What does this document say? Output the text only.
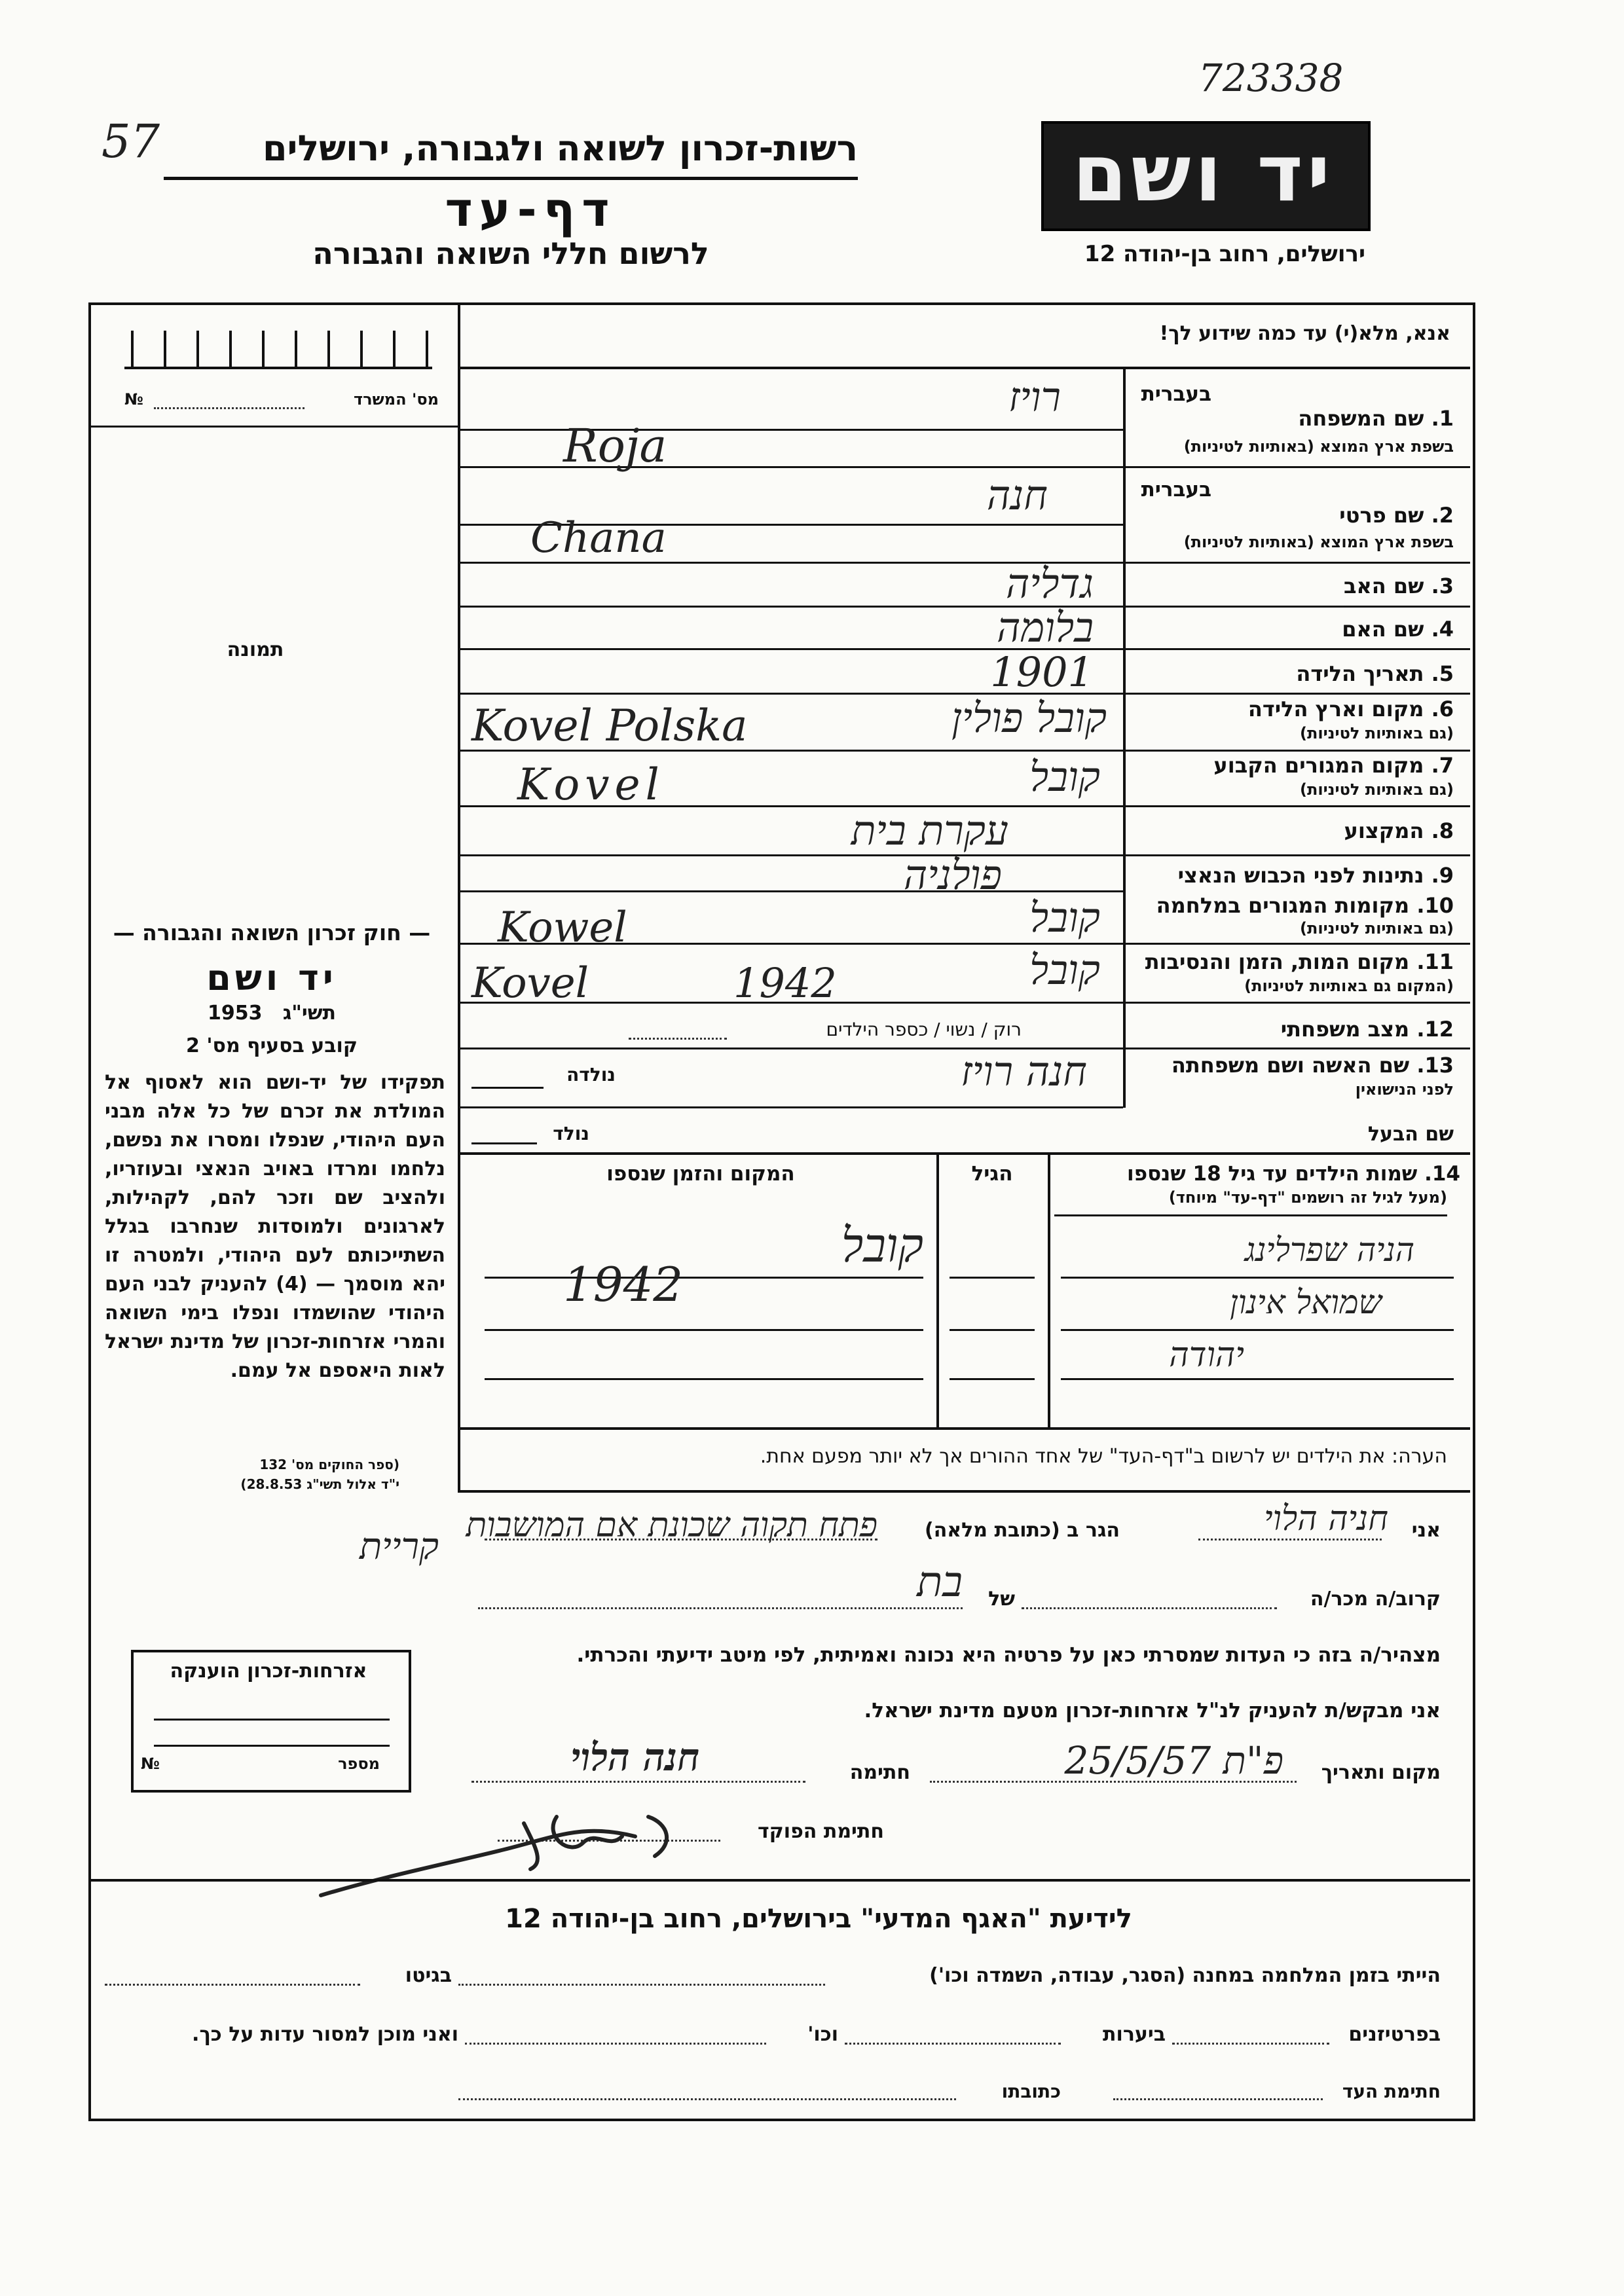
723338
57	יד ושם
רשות-זכרון לשואה ולגבורה, ירושלים
דף-עד
לרשום חללי השואה והגבורה	ירושלים, רחוב בן-יהודה 12
מס' המשרד
№
תמונה
— חוק זכרון השואה והגבורה —
יד ושם
תשי"ג   1953
קובע בסעיף מס' 2
תפקידו של יד-ושם הוא לאסוף אל המולדת את זכרם של כל אלה מבני העם היהודי, שנפלו ומסרו את נפשם, נלחמו ומרדו באויב הנאצי ובעוזריו, ולהציב שם וזכר להם, לקהילות, לארגונים ולמוסדות שנחרבו בגלל השתייכותם לעם היהודי, ולמטרה זו יהא מוסמך — (4) להעניק לבני העם היהודי שהושמדו ונפלו בימי השואה והמרי אזרחות-זכרון של מדינת ישראל לאות היאספם אל עמם.
(ספר החוקים מס' 132
י"ד אלול תשי"ג 28.8.53)
אזרחות-זכרון הוענקה
מספר
№
אנא, מלא(י) עד כמה שידוע לך!
בעברית
1. שם המשפחה
בשפת ארץ המוצא (באותיות לטיניות)
רויז
Roja
בעברית
2. שם פרטי
בשפת ארץ המוצא (באותיות לטיניות)
חנה
Chana
3. שם האב
גדליה
4. שם האם
בלומה
5. תאריך הלידה
1901
6. מקום וארץ הלידה
(גם באותיות לטיניות)
קובל פולין
Kovel Polska
7. מקום המגורים הקבוע
(גם באותיות לטיניות)
קובל
Kovel
8. המקצוע
עקרת בית
9. נתינות לפני הכבוש הנאצי
פולניה
10. מקומות המגורים במלחמה
(גם באותיות לטיניות)
קובל
Kowel
11. מקום המות, הזמן והנסיבות
(המקום גם באותיות לטיניות)
קובל
1942
Kovel
12. מצב משפחתי
רוק / נשוי / כספר הילדים
13. שם האשה ושם משפחתה
לפני הנישואין
חנה רויז
נולדה
שם הבעל
נולד
14. שמות הילדים עד גיל 18 שנספו
(מעל לגיל זה רושמים "דף-עד" מיוחד)
הגיל
המקום והזמן שנספו
קובל
1942
הניה שפרלינג
שמואל אינון
יהודה
הערה: את הילדים יש לרשום ב"דף-העד" של אחד ההורים אך לא יותר מפעם אחת.
אני
חניה הלוי
הגר ב (כתובת מלאה)
פתח תקוה שכונת אם המושבות
קריית
קרוב/ה מכר/ה
של
בת
מצהיר/ה בזה כי העדות שמסרתי כאן על פרטיה היא נכונה ואמיתית, לפי מיטב ידיעתי והכרתי.
אני מבקש/ת להעניק לנ"ל אזרחות-זכרון מטעם מדינת ישראל.
מקום ותאריך
פ"ת 25/5/57
חתימה
חנה הלוי
חתימת הפוקד
לידיעת "האגף המדעי" בירושלים, רחוב בן-יהודה 12
הייתי בזמן המלחמה במחנה (הסגר, עבודה, השמדה וכו')
בגיטו
בפרטיזנים
ביערות
וכו'
ואני מוכן למסור עדות על כך.
חתימת העד
כתובתו
